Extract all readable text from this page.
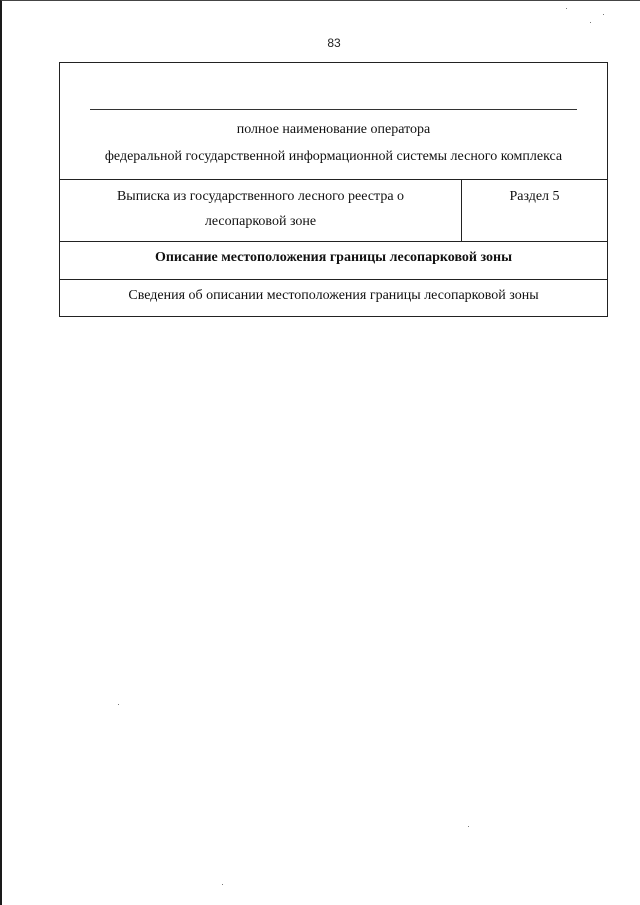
83
полное наименование оператора
федеральной государственной информационной системы лесного комплекса
Выписка из государственного лесного реестра о
лесопарковой зоне
Раздел 5
Описание местоположения границы лесопарковой зоны
Сведения об описании местоположения границы лесопарковой зоны
